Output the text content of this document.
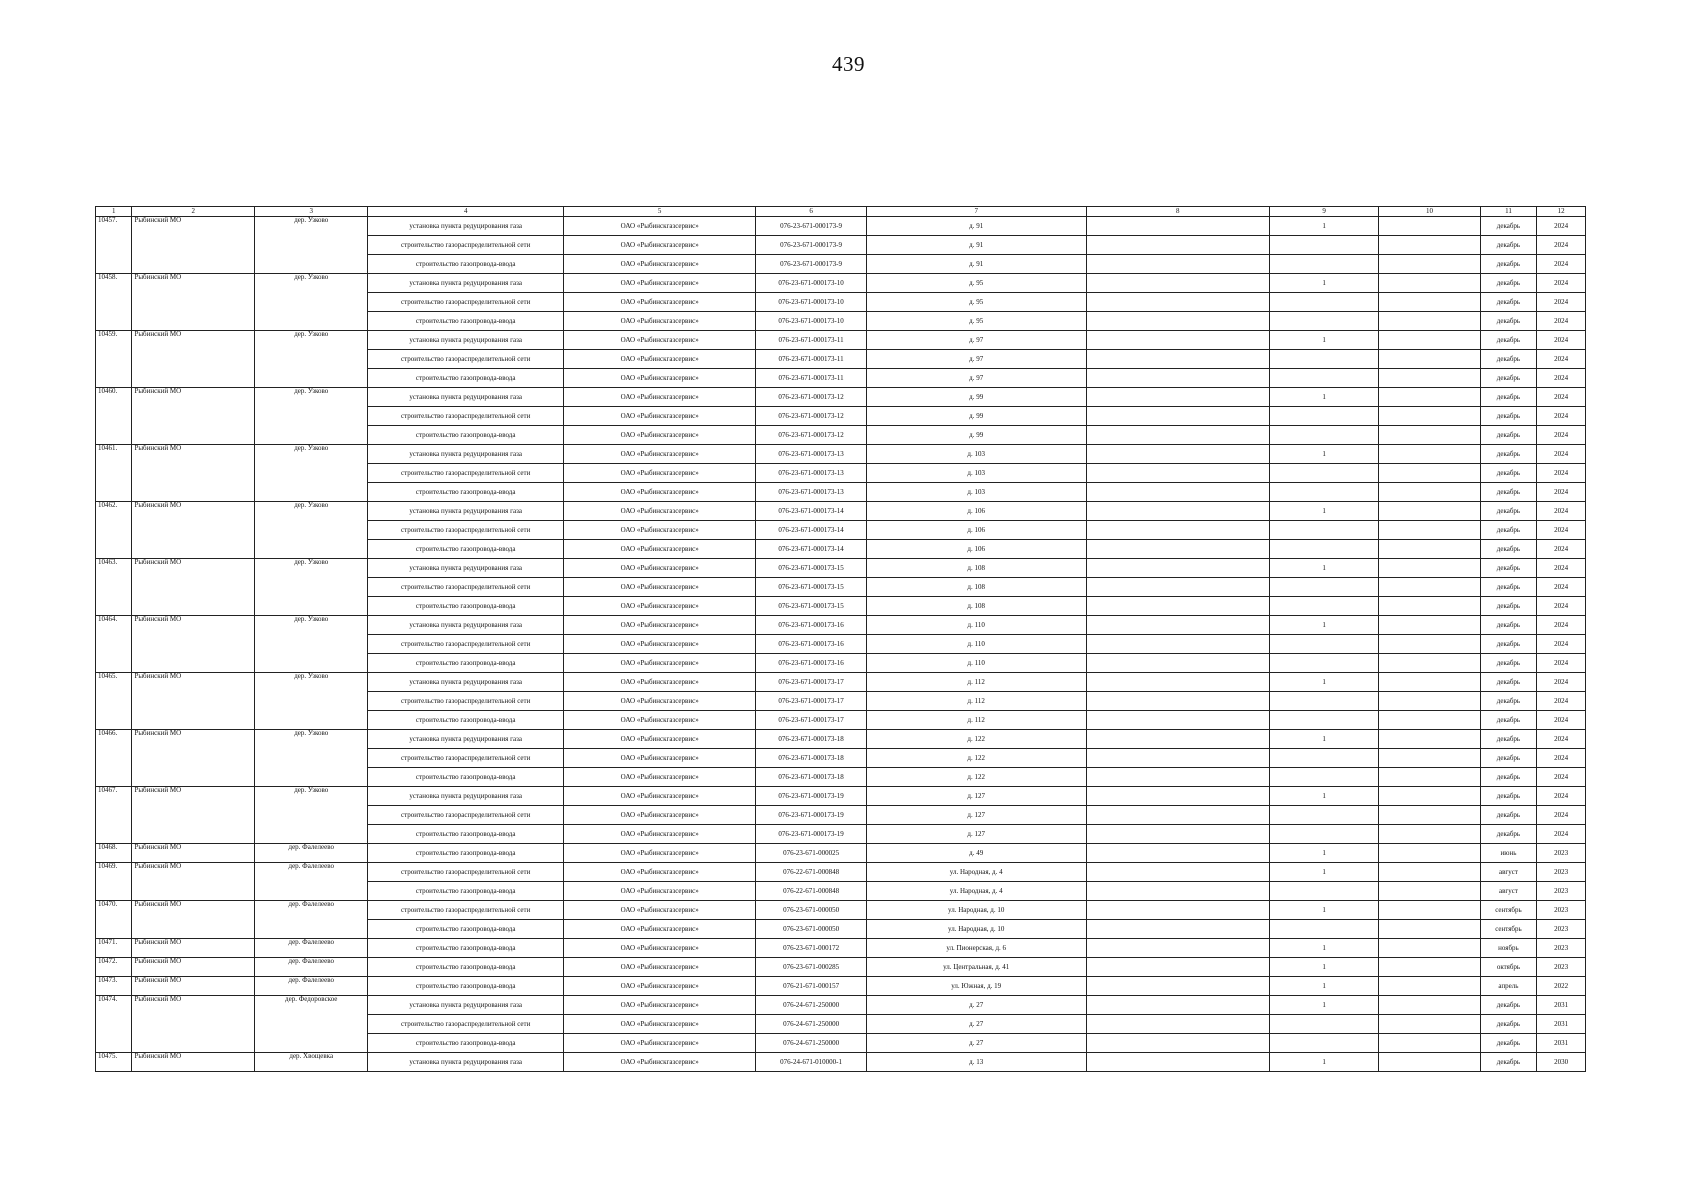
439
1	2	3	4	5	6	7	8	9	10	11	12
10457.	Рыбинский МО	дер. Узково	установка пункта редуцирования газа	ОАО «Рыбинскгазсервис»	076-23-671-000173-9	д. 91		1		декабрь	2024
			строительство газораспределительной сети	ОАО «Рыбинскгазсервис»	076-23-671-000173-9	д. 91				декабрь	2024
			строительство газопровода-ввода	ОАО «Рыбинскгазсервис»	076-23-671-000173-9	д. 91				декабрь	2024
10458.	Рыбинский МО	дер. Узково	установка пункта редуцирования газа	ОАО «Рыбинскгазсервис»	076-23-671-000173-10	д. 95		1		декабрь	2024
			строительство газораспределительной сети	ОАО «Рыбинскгазсервис»	076-23-671-000173-10	д. 95				декабрь	2024
			строительство газопровода-ввода	ОАО «Рыбинскгазсервис»	076-23-671-000173-10	д. 95				декабрь	2024
10459.	Рыбинский МО	дер. Узково	установка пункта редуцирования газа	ОАО «Рыбинскгазсервис»	076-23-671-000173-11	д. 97		1		декабрь	2024
			строительство газораспределительной сети	ОАО «Рыбинскгазсервис»	076-23-671-000173-11	д. 97				декабрь	2024
			строительство газопровода-ввода	ОАО «Рыбинскгазсервис»	076-23-671-000173-11	д. 97				декабрь	2024
10460.	Рыбинский МО	дер. Узково	установка пункта редуцирования газа	ОАО «Рыбинскгазсервис»	076-23-671-000173-12	д. 99		1		декабрь	2024
			строительство газораспределительной сети	ОАО «Рыбинскгазсервис»	076-23-671-000173-12	д. 99				декабрь	2024
			строительство газопровода-ввода	ОАО «Рыбинскгазсервис»	076-23-671-000173-12	д. 99				декабрь	2024
10461.	Рыбинский МО	дер. Узково	установка пункта редуцирования газа	ОАО «Рыбинскгазсервис»	076-23-671-000173-13	д. 103		1		декабрь	2024
			строительство газораспределительной сети	ОАО «Рыбинскгазсервис»	076-23-671-000173-13	д. 103				декабрь	2024
			строительство газопровода-ввода	ОАО «Рыбинскгазсервис»	076-23-671-000173-13	д. 103				декабрь	2024
10462.	Рыбинский МО	дер. Узково	установка пункта редуцирования газа	ОАО «Рыбинскгазсервис»	076-23-671-000173-14	д. 106		1		декабрь	2024
			строительство газораспределительной сети	ОАО «Рыбинскгазсервис»	076-23-671-000173-14	д. 106				декабрь	2024
			строительство газопровода-ввода	ОАО «Рыбинскгазсервис»	076-23-671-000173-14	д. 106				декабрь	2024
10463.	Рыбинский МО	дер. Узково	установка пункта редуцирования газа	ОАО «Рыбинскгазсервис»	076-23-671-000173-15	д. 108		1		декабрь	2024
			строительство газораспределительной сети	ОАО «Рыбинскгазсервис»	076-23-671-000173-15	д. 108				декабрь	2024
			строительство газопровода-ввода	ОАО «Рыбинскгазсервис»	076-23-671-000173-15	д. 108				декабрь	2024
10464.	Рыбинский МО	дер. Узково	установка пункта редуцирования газа	ОАО «Рыбинскгазсервис»	076-23-671-000173-16	д. 110		1		декабрь	2024
			строительство газораспределительной сети	ОАО «Рыбинскгазсервис»	076-23-671-000173-16	д. 110				декабрь	2024
			строительство газопровода-ввода	ОАО «Рыбинскгазсервис»	076-23-671-000173-16	д. 110				декабрь	2024
10465.	Рыбинский МО	дер. Узково	установка пункта редуцирования газа	ОАО «Рыбинскгазсервис»	076-23-671-000173-17	д. 112		1		декабрь	2024
			строительство газораспределительной сети	ОАО «Рыбинскгазсервис»	076-23-671-000173-17	д. 112				декабрь	2024
			строительство газопровода-ввода	ОАО «Рыбинскгазсервис»	076-23-671-000173-17	д. 112				декабрь	2024
10466.	Рыбинский МО	дер. Узково	установка пункта редуцирования газа	ОАО «Рыбинскгазсервис»	076-23-671-000173-18	д. 122		1		декабрь	2024
			строительство газораспределительной сети	ОАО «Рыбинскгазсервис»	076-23-671-000173-18	д. 122				декабрь	2024
			строительство газопровода-ввода	ОАО «Рыбинскгазсервис»	076-23-671-000173-18	д. 122				декабрь	2024
10467.	Рыбинский МО	дер. Узково	установка пункта редуцирования газа	ОАО «Рыбинскгазсервис»	076-23-671-000173-19	д. 127		1		декабрь	2024
			строительство газораспределительной сети	ОАО «Рыбинскгазсервис»	076-23-671-000173-19	д. 127				декабрь	2024
			строительство газопровода-ввода	ОАО «Рыбинскгазсервис»	076-23-671-000173-19	д. 127				декабрь	2024
10468.	Рыбинский МО	дер. Фалелеево	строительство газопровода-ввода	ОАО «Рыбинскгазсервис»	076-23-671-000025	д. 49		1		июнь	2023
10469.	Рыбинский МО	дер. Фалелеево	строительство газораспределительной сети	ОАО «Рыбинскгазсервис»	076-22-671-000848	ул. Народная, д. 4		1		август	2023
			строительство газопровода-ввода	ОАО «Рыбинскгазсервис»	076-22-671-000848	ул. Народная, д. 4				август	2023
10470.	Рыбинский МО	дер. Фалелеево	строительство газораспределительной сети	ОАО «Рыбинскгазсервис»	076-23-671-000050	ул. Народная, д. 10		1		сентябрь	2023
			строительство газопровода-ввода	ОАО «Рыбинскгазсервис»	076-23-671-000050	ул. Народная, д. 10				сентябрь	2023
10471.	Рыбинский МО	дер. Фалелеево	строительство газопровода-ввода	ОАО «Рыбинскгазсервис»	076-23-671-000172	ул. Пионерская, д. 6		1		ноябрь	2023
10472.	Рыбинский МО	дер. Фалелеево	строительство газопровода-ввода	ОАО «Рыбинскгазсервис»	076-23-671-000285	ул. Центральная, д. 41		1		октябрь	2023
10473.	Рыбинский МО	дер. Фалелеево	строительство газопровода-ввода	ОАО «Рыбинскгазсервис»	076-21-671-000157	ул. Южная, д. 19		1		апрель	2022
10474.	Рыбинский МО	дер. Федоровское	установка пункта редуцирования газа	ОАО «Рыбинскгазсервис»	076-24-671-250000	д. 27		1		декабрь	2031
			строительство газораспределительной сети	ОАО «Рыбинскгазсервис»	076-24-671-250000	д. 27				декабрь	2031
			строительство газопровода-ввода	ОАО «Рыбинскгазсервис»	076-24-671-250000	д. 27				декабрь	2031
10475.	Рыбинский МО	дер. Хвощевка	установка пункта редуцирования газа	ОАО «Рыбинскгазсервис»	076-24-671-010000-1	д. 13		1		декабрь	2030
